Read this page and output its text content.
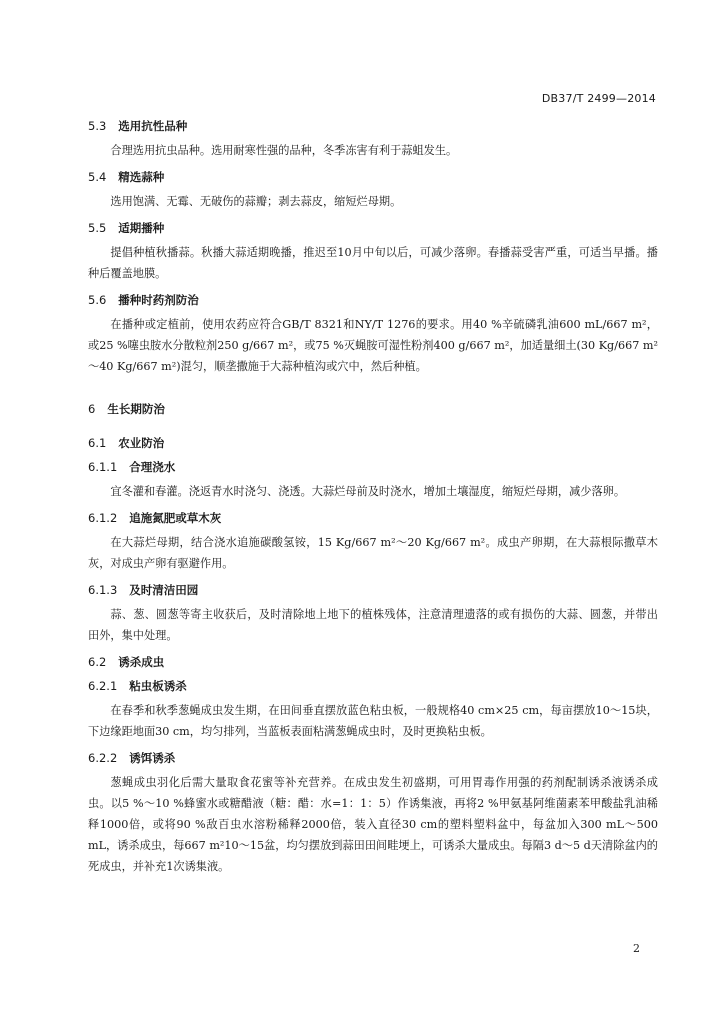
DB37/T 2499—2014
5.3 选用抗性品种

合理选用抗虫品种。选用耐寒性强的品种，冬季冻害有利于蒜蛆发生。

5.4 精选蒜种

选用饱满、无霉、无破伤的蒜瓣；剥去蒜皮，缩短烂母期。

5.5 适期播种

提倡种植秋播蒜。秋播大蒜适期晚播，推迟至10月中旬以后，可减少落卵。春播蒜受害严重，可适当早播。播种后覆盖地膜。

5.6 播种时药剂防治

在播种或定植前，使用农药应符合GB/T 8321和NY/T 1276的要求。用40 %辛硫磷乳油600 mL/667 m²，或25 %噻虫胺水分散粒剂250 g/667 m²，或75 %灭蝇胺可湿性粉剂400 g/667 m²，加适量细土(30 Kg/667 m²～40 Kg/667 m²)混匀，顺垄撒施于大蒜种植沟或穴中，然后种植。

6 生长期防治
6.1 农业防治
6.1.1 合理浇水

宜冬灌和春灌。浇返青水时浇匀、浇透。大蒜烂母前及时浇水，增加土壤湿度，缩短烂母期，减少落卵。

6.1.2 追施氮肥或草木灰

在大蒜烂母期，结合浇水追施碳酸氢铵，15 Kg/667 m²～20 Kg/667 m²。成虫产卵期，在大蒜根际撒草木灰，对成虫产卵有驱避作用。

6.1.3 及时清洁田园

蒜、葱、圆葱等寄主收获后，及时清除地上地下的植株残体，注意清理遗落的或有损伤的大蒜、圆葱，并带出田外，集中处理。

6.2 诱杀成虫
6.2.1 粘虫板诱杀

在春季和秋季葱蝇成虫发生期，在田间垂直摆放蓝色粘虫板，一般规格40 cm×25 cm，每亩摆放10～15块，下边缘距地面30 cm，均匀排列，当蓝板表面粘满葱蝇成虫时，及时更换粘虫板。

6.2.2 诱饵诱杀

葱蝇成虫羽化后需大量取食花蜜等补充营养。在成虫发生初盛期，可用胃毒作用强的药剂配制诱杀液诱杀成虫。以5 %～10 %蜂蜜水或糖醋液（糖：醋：水=1：1：5）作诱集液，再将2 %甲氨基阿维菌素苯甲酸盐乳油稀释1000倍，或将90 %敌百虫水溶粉稀释2000倍，装入直径30 cm的塑料塑料盆中，每盆加入300 mL～500 mL，诱杀成虫，每667 m²10～15盆，均匀摆放到蒜田田间畦埂上，可诱杀大量成虫。每隔3 d～5 d天清除盆内的死成虫，并补充1次诱集液。

2
